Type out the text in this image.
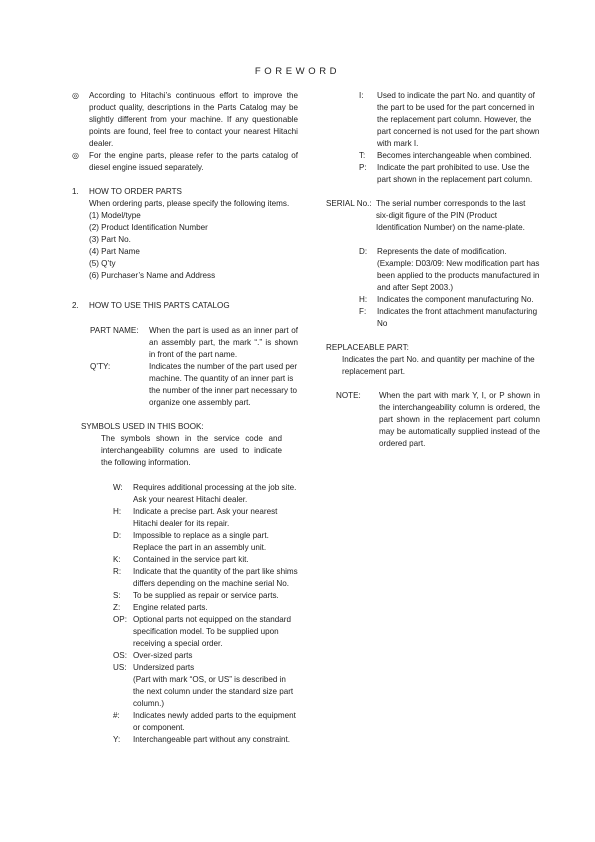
FOREWORD
◎	According to Hitachi’s continuous effort to improve the product quality, descriptions in the Parts Catalog may be slightly different from your machine. If any questionable points are found, feel free to contact your nearest Hitachi dealer.
◎	For the engine parts, please refer to the parts catalog of diesel engine issued separately.
1.	HOW TO ORDER PARTS
When ordering parts, please specify the following items.
(1) Model/type
(2) Product Identification Number
(3) Part No.
(4) Part Name
(5) Q’ty
(6) Purchaser’s Name and Address
2.	HOW TO USE THIS PARTS CATALOG
PART NAME:	When the part is used as an inner part of an assembly part, the mark “.” is shown in front of the part name.
Q’TY:	Indicates the number of the part used per machine. The quantity of an inner part is the number of the inner part necessary to organize one assembly part.
SYMBOLS USED IN THIS BOOK:
The symbols shown in the service code and interchangeability columns are used to indicate the following information.
W:	Requires additional processing at the job site. Ask your nearest Hitachi dealer.
H:	Indicate a precise part. Ask your nearest Hitachi dealer for its repair.
D:	Impossible to replace as a single part. Replace the part in an assembly unit.
K:	Contained in the service part kit.
R:	Indicate that the quantity of the part like shims differs depending on the machine serial No.
S:	To be supplied as repair or service parts.
Z:	Engine related parts.
OP: Optional parts not equipped on the standard specification model. To be supplied upon receiving a special order.
OS: Over-sized parts
US: Undersized parts
(Part with mark “OS, or US” is described in the next column under the standard size part column.)
#:	Indicates newly added parts to the equipment or component.
Y:	Interchangeable part without any constraint.
I:	Used to indicate the part No. and quantity of the part to be used for the part concerned in the replacement part column. However, the part concerned is not used for the part shown with mark I.
T:	Becomes interchangeable when combined.
P:	Indicate the part prohibited to use. Use the part shown in the replacement part column.
SERIAL No.: The serial number corresponds to the last
six-digit figure of the PIN (Product Identification Number) on the name-plate.
D:	Represents the date of modification. (Example: D03/09: New modification part has been applied to the products manufactured in and after Sept 2003.)
H:	Indicates the component manufacturing No.
F:	Indicates the front attachment manufacturing No
REPLACEABLE PART:
Indicates the part No. and quantity per machine of the replacement part.
NOTE:	When the part with mark Y, I, or P shown in the interchangeability column is ordered, the part shown in the replacement part column may be automatically supplied instead of the ordered part.
